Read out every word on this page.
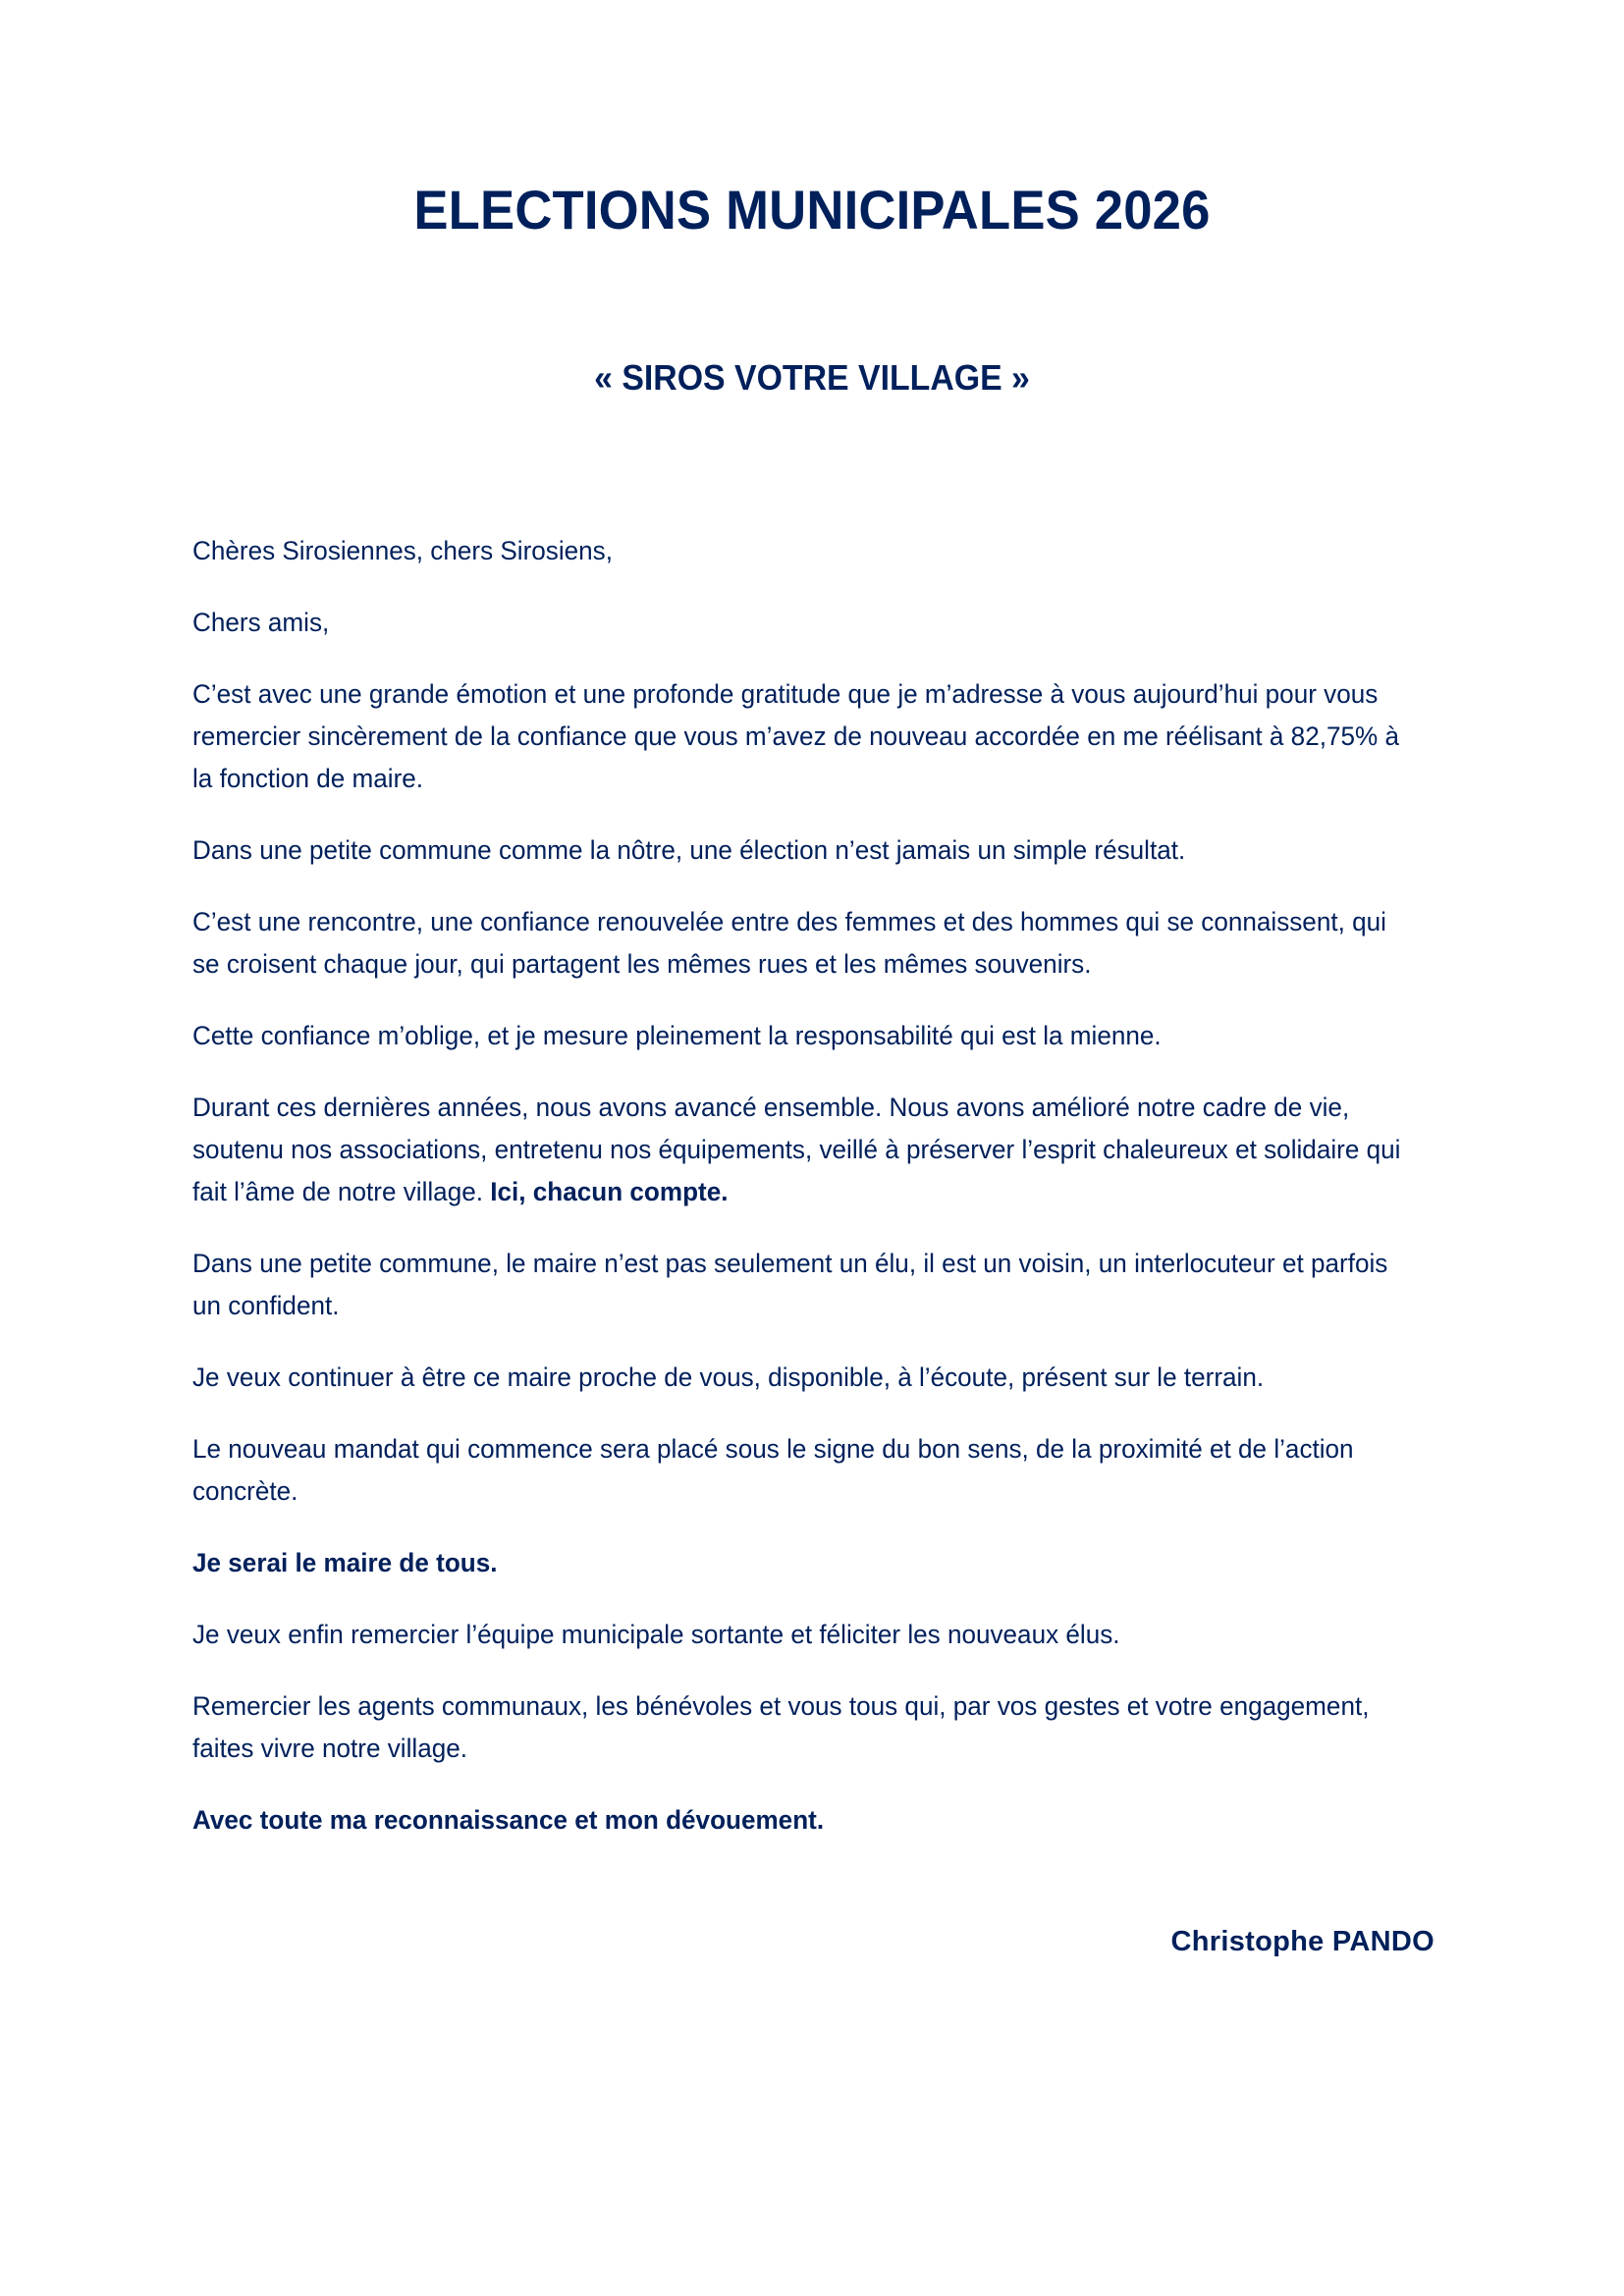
ELECTIONS MUNICIPALES 2026
« SIROS VOTRE VILLAGE »

Chères Sirosiennes, chers Sirosiens,

Chers amis,

C’est avec une grande émotion et une profonde gratitude que je m’adresse à vous aujourd’hui pour vous remercier sincèrement de la confiance que vous m’avez de nouveau accordée en me réélisant à 82,75% à la fonction de maire.

Dans une petite commune comme la nôtre, une élection n’est jamais un simple résultat.

C’est une rencontre, une confiance renouvelée entre des femmes et des hommes qui se connaissent, qui se croisent chaque jour, qui partagent les mêmes rues et les mêmes souvenirs.

Cette confiance m’oblige, et je mesure pleinement la responsabilité qui est la mienne.

Durant ces dernières années, nous avons avancé ensemble. Nous avons amélioré notre cadre de vie, soutenu nos associations, entretenu nos équipements, veillé à préserver l’esprit chaleureux et solidaire qui fait l’âme de notre village. Ici, chacun compte.

Dans une petite commune, le maire n’est pas seulement un élu, il est un voisin, un interlocuteur et parfois un confident.

Je veux continuer à être ce maire proche de vous, disponible, à l’écoute, présent sur le terrain.

Le nouveau mandat qui commence sera placé sous le signe du bon sens, de la proximité et de l’action concrète.

Je serai le maire de tous.

Je veux enfin remercier l’équipe municipale sortante et féliciter les nouveaux élus.

Remercier les agents communaux, les bénévoles et vous tous qui, par vos gestes et votre engagement, faites vivre notre village.

Avec toute ma reconnaissance et mon dévouement.

Christophe PANDO
